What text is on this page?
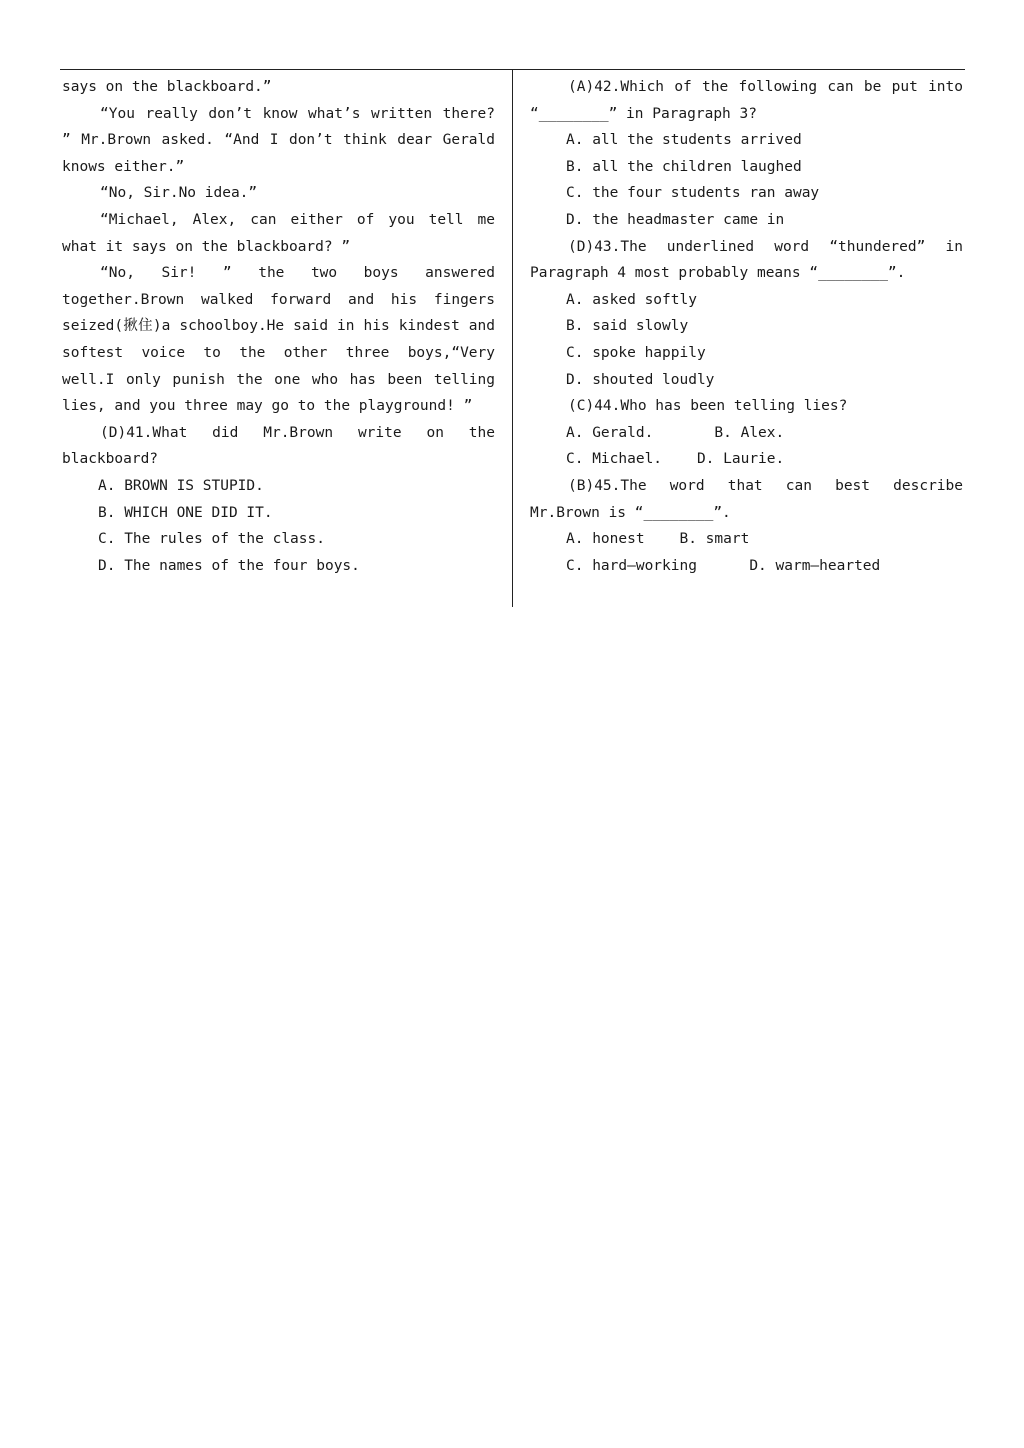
says on the blackboard.”

“You really don’t know what’s written there? ” Mr.Brown asked. “And I don’t think dear Gerald knows either.”

“No, Sir.No idea.”

“Michael, Alex, can either of you tell me what it says on the blackboard? ”

“No, Sir! ” the two boys answered together.Brown walked forward and his fingers seized(揪住)a schoolboy.He said in his kindest and softest voice to the other three boys,“Very well.I only punish the one who has been telling lies, and you three may go to the playground! ”

(D)41.What did Mr.Brown write on the blackboard?

A. BROWN IS STUPID.

B. WHICH ONE DID IT.

C. The rules of the class.

D. The names of the four boys.

(A)42.Which of the following can be put into “________” in Paragraph 3?

A. all the students arrived

B. all the children laughed

C. the four students ran away

D. the headmaster came in

(D)43.The underlined word “thundered” in Paragraph 4 most probably means “________”.

A. asked softly

B. said slowly

C. spoke happily

D. shouted loudly

(C)44.Who has been telling lies?

A. Gerald.       B. Alex.

C. Michael.    D. Laurie.

(B)45.The word that can best describe Mr.Brown is “________”.

A. honest    B. smart

C. hard—working      D. warm—hearted
